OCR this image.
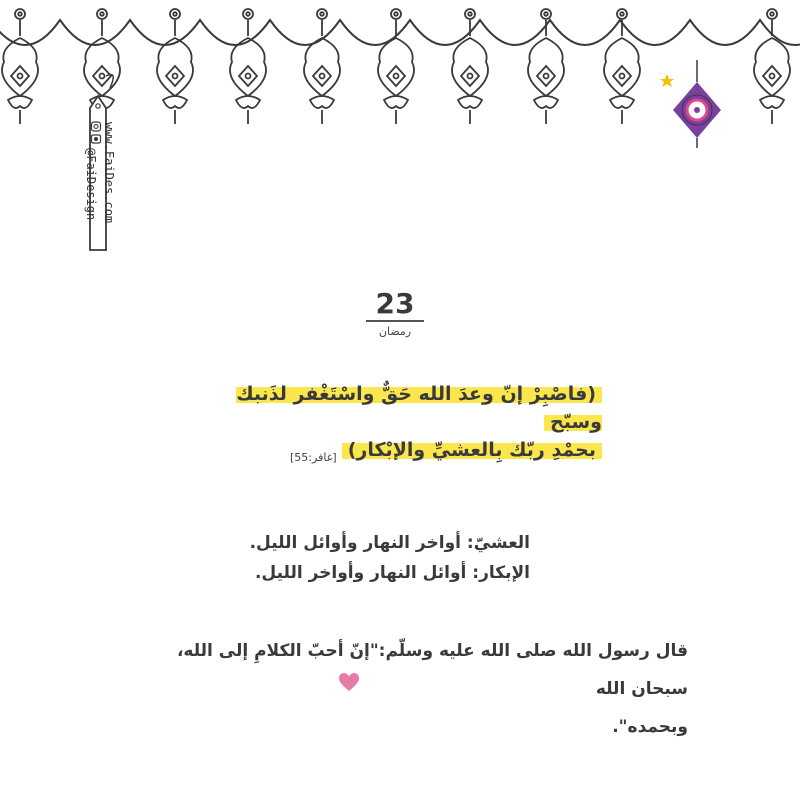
www.FaiDes.com
@FaiDesign
23
رمضان
(فاصْبِرْ إنّ وعدَ الله حَقٌّ واسْتَغْفر لذَنبك وسبّح
بحمْدِ ربّك بِالعشيِّ والإبْكار)
[غافر:55]
العشيّ: أواخر النهار وأوائل الليل.
الإبكار: أوائل النهار وأواخر الليل.
قال رسول الله صلى الله عليه وسلّم:"إنّ أحبّ الكلامِ إلى الله، سبحان الله
وبحمده".
